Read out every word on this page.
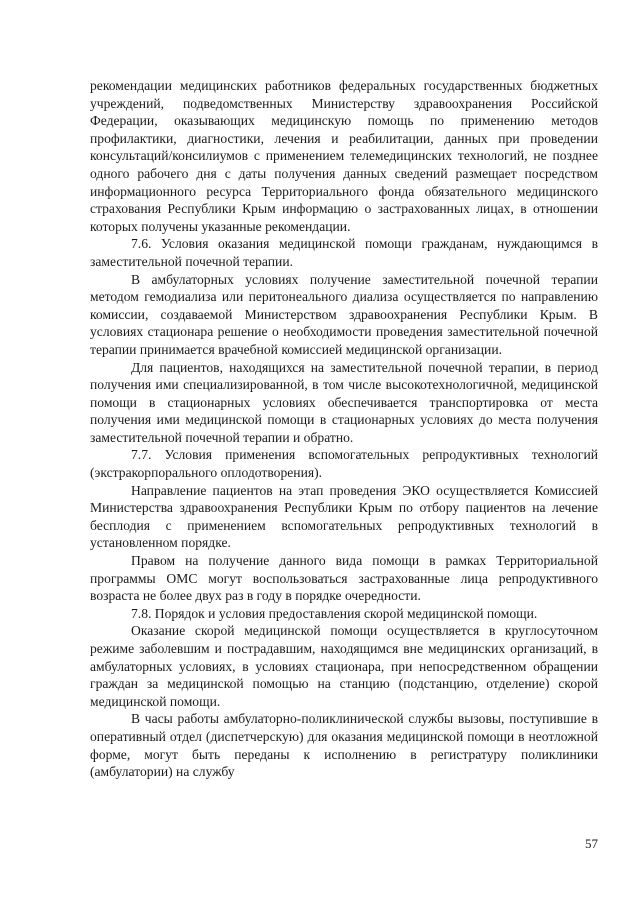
рекомендации медицинских работников федеральных государственных бюджетных учреждений, подведомственных Министерству здравоохранения Российской Федерации, оказывающих медицинскую помощь по применению методов профилактики, диагностики, лечения и реабилитации, данных при проведении консультаций/консилиумов с применением телемедицинских технологий, не позднее одного рабочего дня с даты получения данных сведений размещает посредством информационного ресурса Территориального фонда обязательного медицинского страхования Республики Крым информацию о застрахованных лицах, в отношении которых получены указанные рекомендации.

7.6. Условия оказания медицинской помощи гражданам, нуждающимся в заместительной почечной терапии.

В амбулаторных условиях получение заместительной почечной терапии методом гемодиализа или перитонеального диализа осуществляется по направлению комиссии, создаваемой Министерством здравоохранения Республики Крым. В условиях стационара решение о необходимости проведения заместительной почечной терапии принимается врачебной комиссией медицинской организации.

Для пациентов, находящихся на заместительной почечной терапии, в период получения ими специализированной, в том числе высокотехнологичной, медицинской помощи в стационарных условиях обеспечивается транспортировка от места получения ими медицинской помощи в стационарных условиях до места получения заместительной почечной терапии и обратно.

7.7. Условия применения вспомогательных репродуктивных технологий (экстракорпорального оплодотворения).

Направление пациентов на этап проведения ЭКО осуществляется Комиссией Министерства здравоохранения Республики Крым по отбору пациентов на лечение бесплодия с применением вспомогательных репродуктивных технологий в установленном порядке.

Правом на получение данного вида помощи в рамках Территориальной программы ОМС могут воспользоваться застрахованные лица репродуктивного возраста не более двух раз в году в порядке очередности.

7.8. Порядок и условия предоставления скорой медицинской помощи.

Оказание скорой медицинской помощи осуществляется в круглосуточном режиме заболевшим и пострадавшим, находящимся вне медицинских организаций, в амбулаторных условиях, в условиях стационара, при непосредственном обращении граждан за медицинской помощью на станцию (подстанцию, отделение) скорой медицинской помощи.

В часы работы амбулаторно-поликлинической службы вызовы, поступившие в оперативный отдел (диспетчерскую) для оказания медицинской помощи в неотложной форме, могут быть переданы к исполнению в регистратуру поликлиники (амбулатории) на службу

57
